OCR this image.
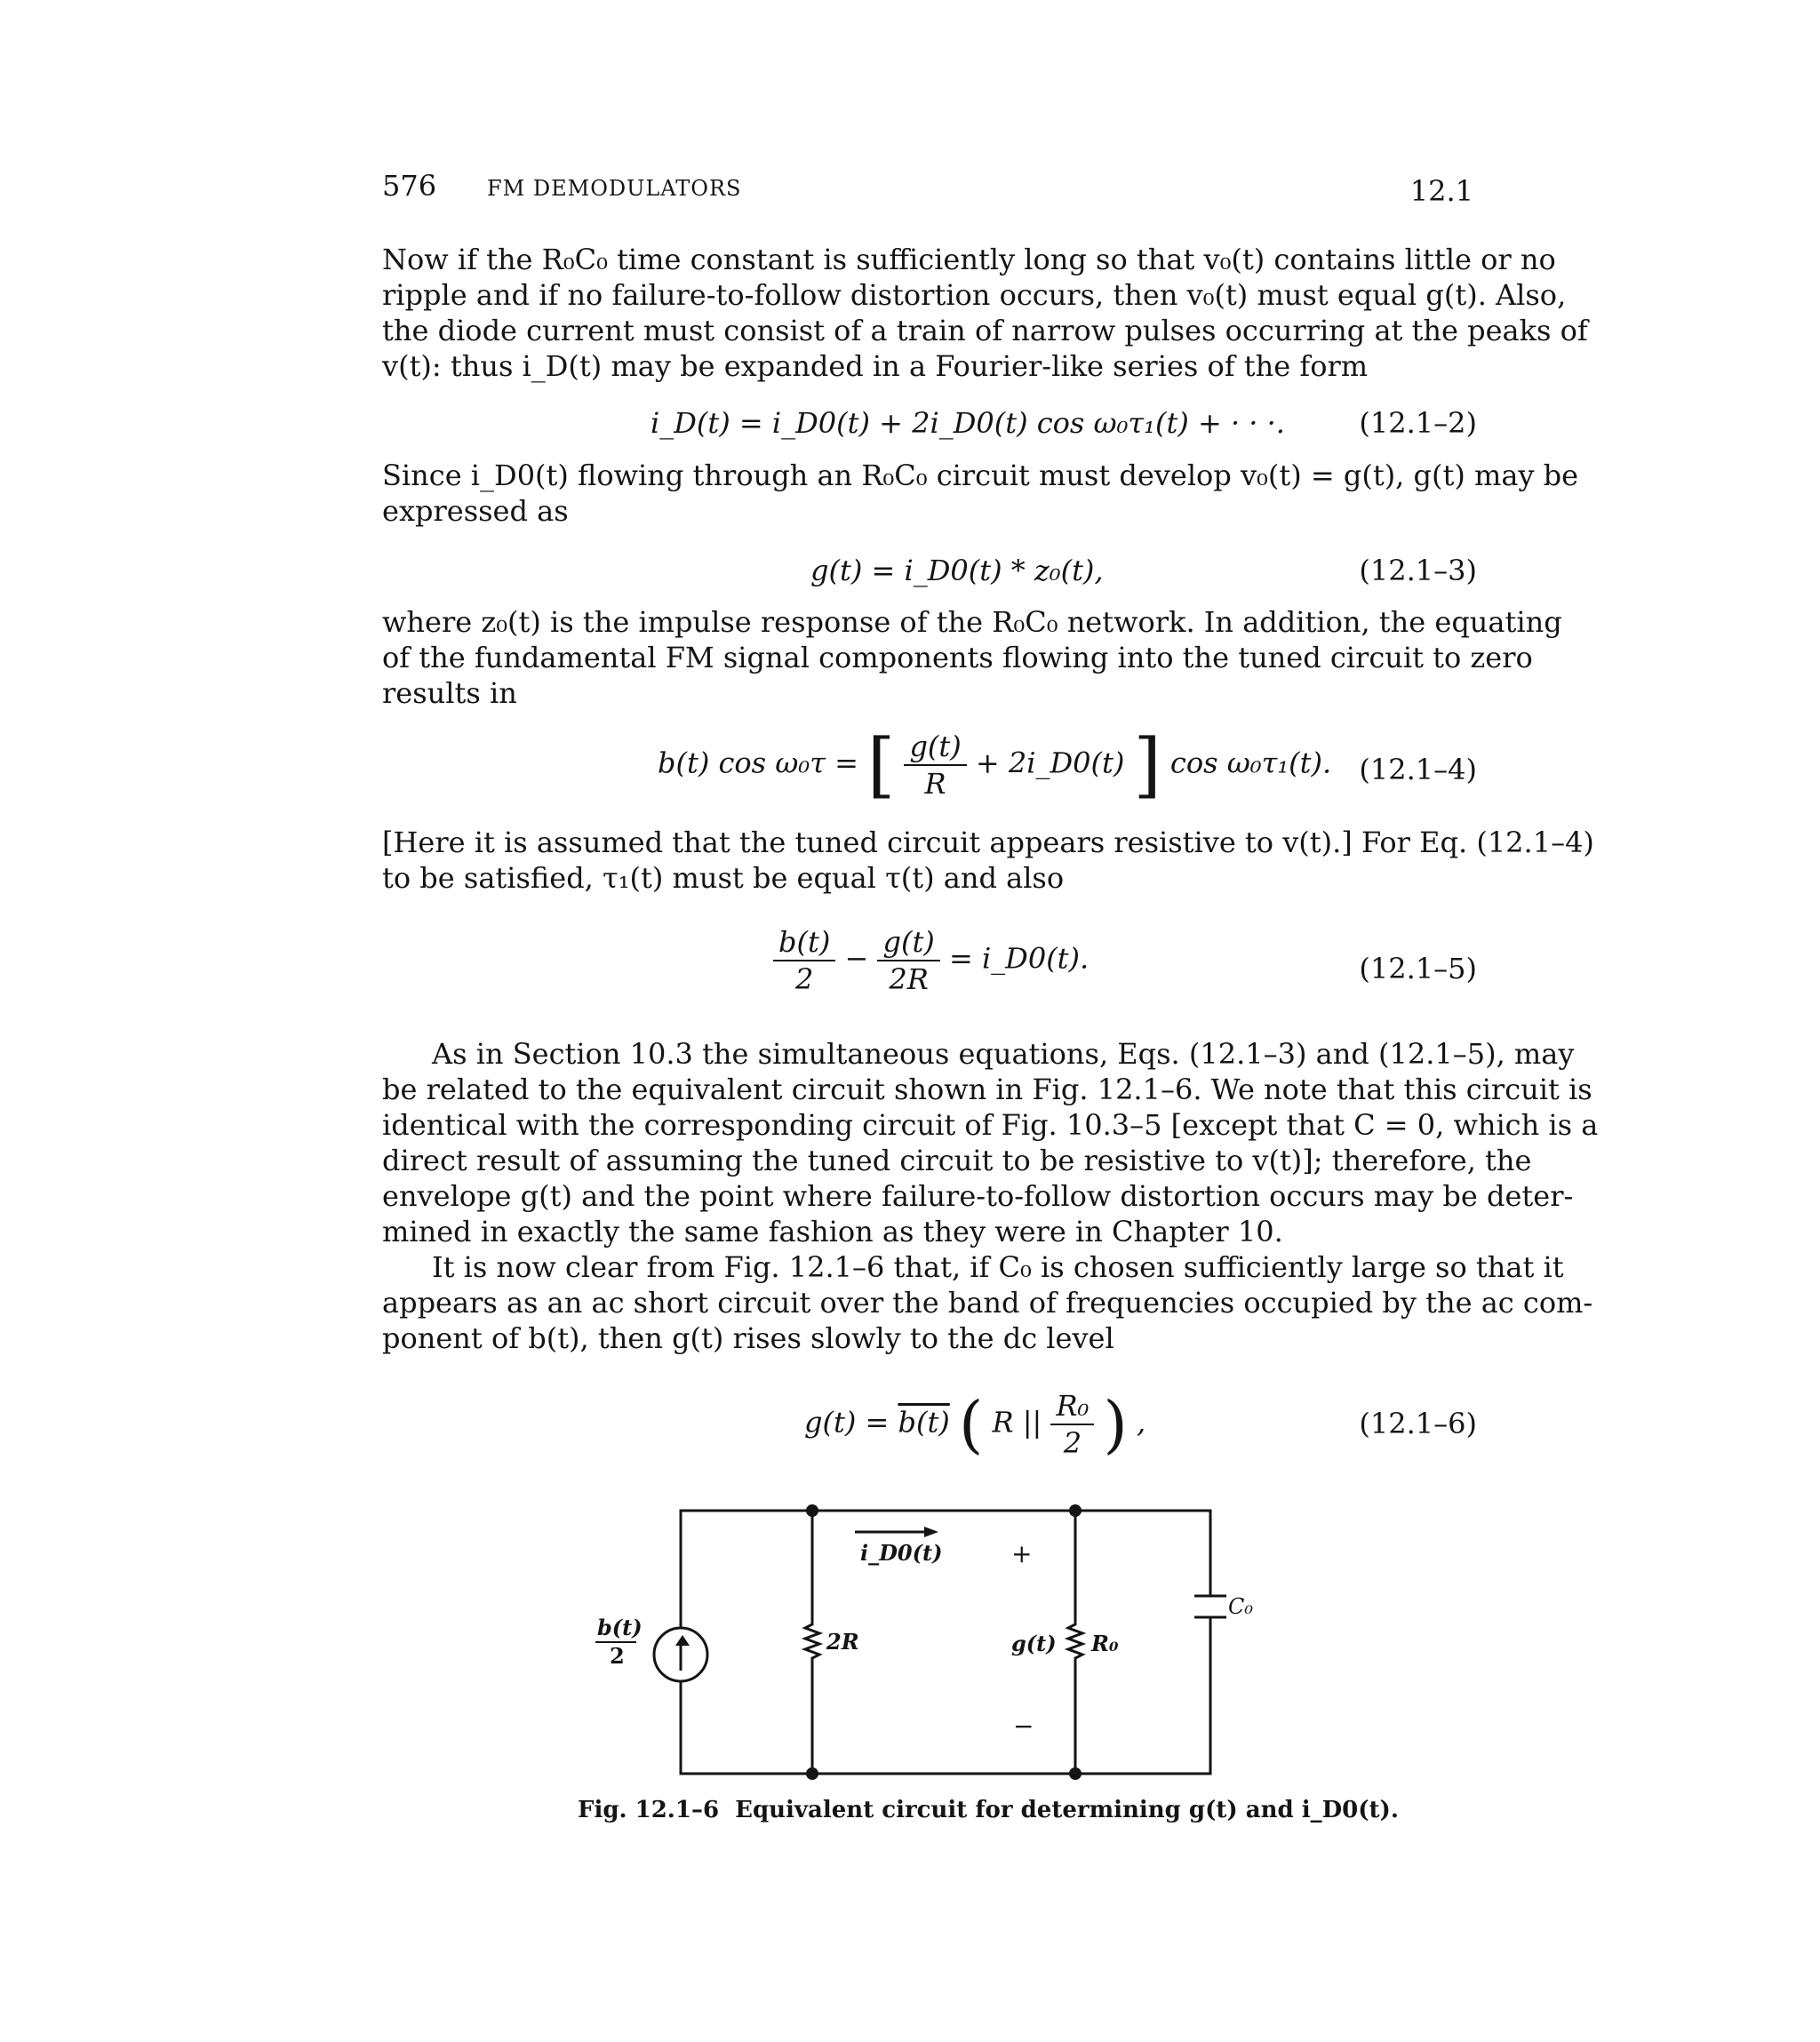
576 FM DEMODULATORS	12.1
Now if the R₀C₀ time constant is sufficiently long so that v₀(t) contains little or no
ripple and if no failure-to-follow distortion occurs, then v₀(t) must equal g(t). Also,
the diode current must consist of a train of narrow pulses occurring at the peaks of
v(t): thus i_D(t) may be expanded in a Fourier-like series of the form
i_D(t) = i_D0(t) + 2i_D0(t) cos ω₀τ₁(t) + · · ·.	(12.1–2)
Since i_D0(t) flowing through an R₀C₀ circuit must develop v₀(t) = g(t), g(t) may be
expressed as
g(t) = i_D0(t) * z₀(t),	(12.1–3)
where z₀(t) is the impulse response of the R₀C₀ network. In addition, the equating
of the fundamental FM signal components flowing into the tuned circuit to zero
results in
b(t) cos ω₀τ = [ $\frac{g(t)}{R}$ + 2i_D0(t) ] cos ω₀τ₁(t). (12.1–4)
[Here it is assumed that the tuned circuit appears resistive to v(t).] For Eq. (12.1–4)
to be satisfied, τ₁(t) must be equal τ(t) and also
$\frac{b(t)}{2} - \frac{g(t)}{2R}$ = i_D0(t).	(12.1–5)
As in Section 10.3 the simultaneous equations, Eqs. (12.1–3) and (12.1–5), may
be related to the equivalent circuit shown in Fig. 12.1–6. We note that this circuit is
identical with the corresponding circuit of Fig. 10.3–5 [except that C = 0, which is a
direct result of assuming the tuned circuit to be resistive to v(t)]; therefore, the
envelope g(t) and the point where failure-to-follow distortion occurs may be deter-
mined in exactly the same fashion as they were in Chapter 10.
It is now clear from Fig. 12.1–6 that, if C₀ is chosen sufficiently large so that it
appears as an ac short circuit over the band of frequencies occupied by the ac com-
ponent of b(t), then g(t) rises slowly to the dc level
g(t) = b(t) ( R || $\frac{\text{R₀}}{2}$ ) ,	(12.1–6)
b(t)
2
i_D0(t)
2R	g(t) R₀
C₀
+
−
Fig. 12.1–6 Equivalent circuit for determining g(t) and i_D0(t).
